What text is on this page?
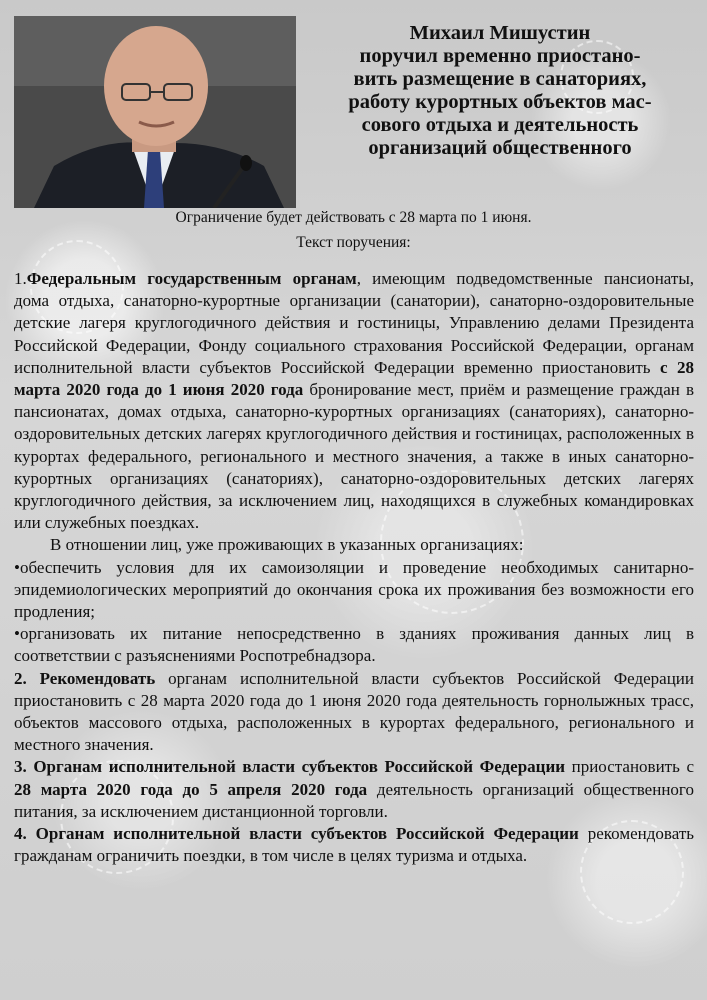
Михаил Мишустин
поручил временно приостано-
вить размещение в санаториях,
работу курортных объектов мас-
сового отдыха и деятельность
организаций общественного
Ограничение будет действовать с 28 марта по 1 июня.
Текст поручения:

1.Федеральным государственным органам, имеющим подведомственные пансионаты, дома отдыха, санаторно-курортные организации (санатории), санаторно-оздоровительные детские лагеря круглогодичного действия и гостиницы, Управлению делами Президента Российской Федерации, Фонду социального страхования Российской Федерации, органам исполнительной власти субъектов Российской Федерации временно приостановить с 28 марта 2020 года до 1 июня 2020 года бронирование мест, приём и размещение граждан в пансионатах, домах отдыха, санаторно-курортных организациях (санаториях), санаторно-оздоровительных детских лагерях круглогодичного действия и гостиницах, расположенных в курортах федерального, регионального и местного значения, а также в иных санаторно-курортных организациях (санаториях), санаторно-оздоровительных детских лагерях круглогодичного действия, за исключением лиц, находящихся в служебных командировках или служебных поездках.

В отношении лиц, уже проживающих в указанных организациях:

•обеспечить условия для их самоизоляции и проведение необходимых санитарно-эпидемиологических мероприятий до окончания срока их проживания без возможности его продления;

•организовать их питание непосредственно в зданиях проживания данных лиц в соответствии с разъяснениями Роспотребнадзора.

2. Рекомендовать органам исполнительной власти субъектов Российской Федерации приостановить с 28 марта 2020 года до 1 июня 2020 года деятельность горнолыжных трасс, объектов массового отдыха, расположенных в курортах федерального, регионального и местного значения.

3. Органам исполнительной власти субъектов Российской Федерации приостановить с 28 марта 2020 года до 5 апреля 2020 года деятельность организаций общественного питания, за исключением дистанционной торговли.

4. Органам исполнительной власти субъектов Российской Федерации рекомендовать гражданам ограничить поездки, в том числе в целях туризма и отдыха.
